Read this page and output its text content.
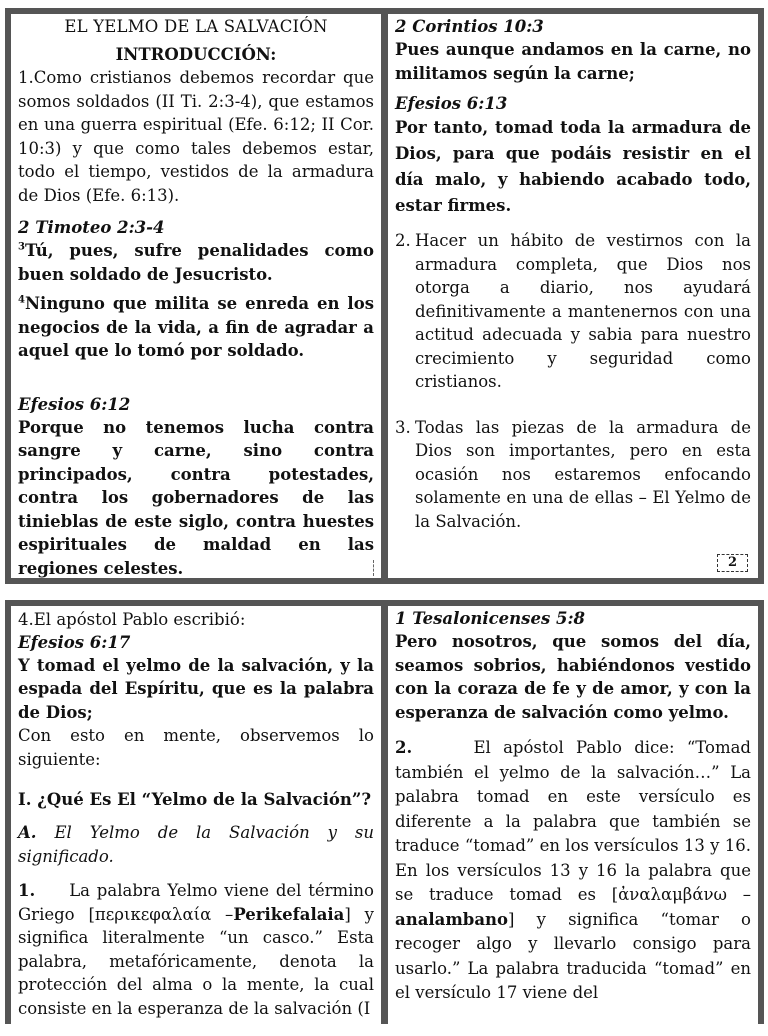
EL YELMO DE LA SALVACIÓN

INTRODUCCIÓN:

1.Como cristianos debemos recordar que somos soldados (II Ti. 2:3-4), que estamos en una guerra espiritual (Efe. 6:12; II Cor. 10:3) y que como tales debemos estar, todo el tiempo, vestidos de la armadura de Dios (Efe. 6:13).

2 Timoteo 2:3-4

$^3$Tú, pues, sufre penalidades como buen soldado de Jesucristo.

$^4$Ninguno que milita se enreda en los negocios de la vida, a fin de agradar a aquel que lo tomó por soldado.

Efesios 6:12

Porque no tenemos lucha contra sangre y carne, sino contra principados, contra potestades, contra los gobernadores de las tinieblas de este siglo, contra huestes espirituales de maldad en las regiones celestes.

2 Corintios 10:3

Pues aunque andamos en la carne, no militamos según la carne;

Efesios 6:13

Por tanto, tomad toda la armadura de Dios, para que podáis resistir en el día malo, y habiendo acabado todo, estar firmes.

2. Hacer un hábito de vestirnos con la armadura completa, que Dios nos otorga a diario, nos ayudará definitivamente a mantenernos con una actitud adecuada y sabia para nuestro crecimiento y seguridad como cristianos.

3. Todas las piezas de la armadura de Dios son importantes, pero en esta ocasión nos estaremos enfocando solamente en una de ellas – El Yelmo de la Salvación.

2

4.El apóstol Pablo escribió:

Efesios 6:17

Y tomad el yelmo de la salvación, y la espada del Espíritu, que es la palabra de Dios;

Con esto en mente, observemos lo siguiente:

I. ¿Qué Es El “Yelmo de la Salvación”?

A. El Yelmo de la Salvación y su significado.

1. La palabra Yelmo viene del término Griego [περικεφαλαία –Perikefalaia] y significa literalmente “un casco.” Esta palabra, metafóricamente, denota la protección del alma o la mente, la cual consiste en la esperanza de la salvación (I

1 Tesalonicenses 5:8

Pero nosotros, que somos del día, seamos sobrios, habiéndonos vestido con la coraza de fe y de amor, y con la esperanza de salvación como yelmo.

2.	El apóstol Pablo dice: “Tomad también el yelmo de la salvación…” La palabra tomad en este versículo es diferente a la palabra que también se traduce “tomad” en los versículos 13 y 16. En los versículos 13 y 16 la palabra que se traduce tomad es [ἀναλαμβάνω –analambano] y significa “tomar o recoger algo y llevarlo consigo para usarlo.” La palabra traducida “tomad” en el versículo 17 viene del
